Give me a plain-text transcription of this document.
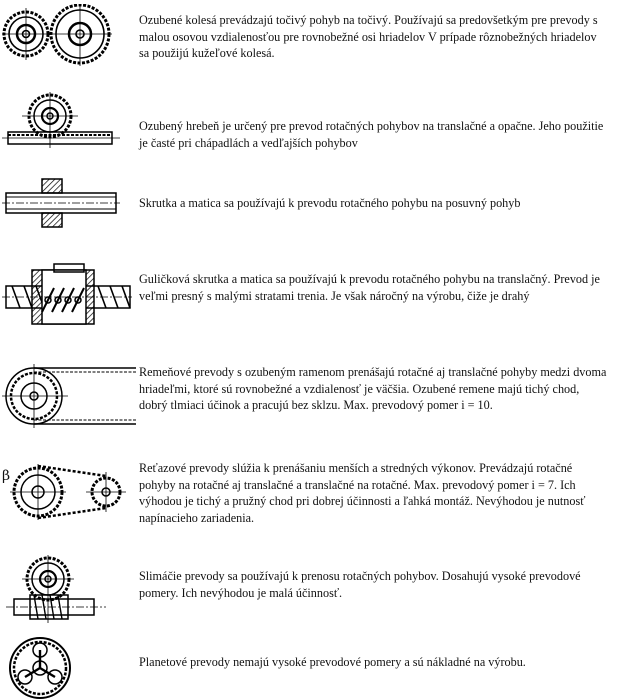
Ozubené kolesá prevádzajú točivý pohyb na točivý. Používajú sa predovšetkým pre prevody s malou osovou vzdialenosťou pre rovnobežné osi hriadelov V prípade rôznobežných hriadelov sa použijú kužeľové kolesá.
Ozubený hrebeň je určený pre prevod rotačných pohybov na translačné a opačne. Jeho použitie je časté pri chápadlách a vedľajších pohybov
Skrutka a matica sa používajú k prevodu rotačného pohybu na posuvný pohyb
Guličková skrutka a matica sa používajú k prevodu rotačného pohybu na translačný. Prevod je veľmi presný s malými stratami trenia. Je však náročný na výrobu, čiže je drahý
Remeňové prevody s ozubeným ramenom prenášajú rotačné aj translačné pohyby medzi dvoma hriadeľmi, ktoré sú rovnobežné a vzdialenosť je väčšia. Ozubené remene majú tichý chod, dobrý tlmiaci účinok a pracujú bez sklzu. Max. prevodový pomer i = 10.
β	Reťazové prevody slúžia k prenášaniu menších a stredných výkonov. Prevádzajú rotačné pohyby na rotačné aj translačné a translačné na rotačné. Max. prevodový pomer i = 7. Ich výhodou je tichý a pružný chod pri dobrej účinnosti a ľahká montáž. Nevýhodou je nutnosť napínacieho zariadenia.
Slimáčie prevody sa používajú k prenosu rotačných pohybov. Dosahujú vysoké prevodové pomery. Ich nevýhodou je malá účinnosť.
Planetové prevody nemajú vysoké prevodové pomery a sú nákladné na výrobu.
